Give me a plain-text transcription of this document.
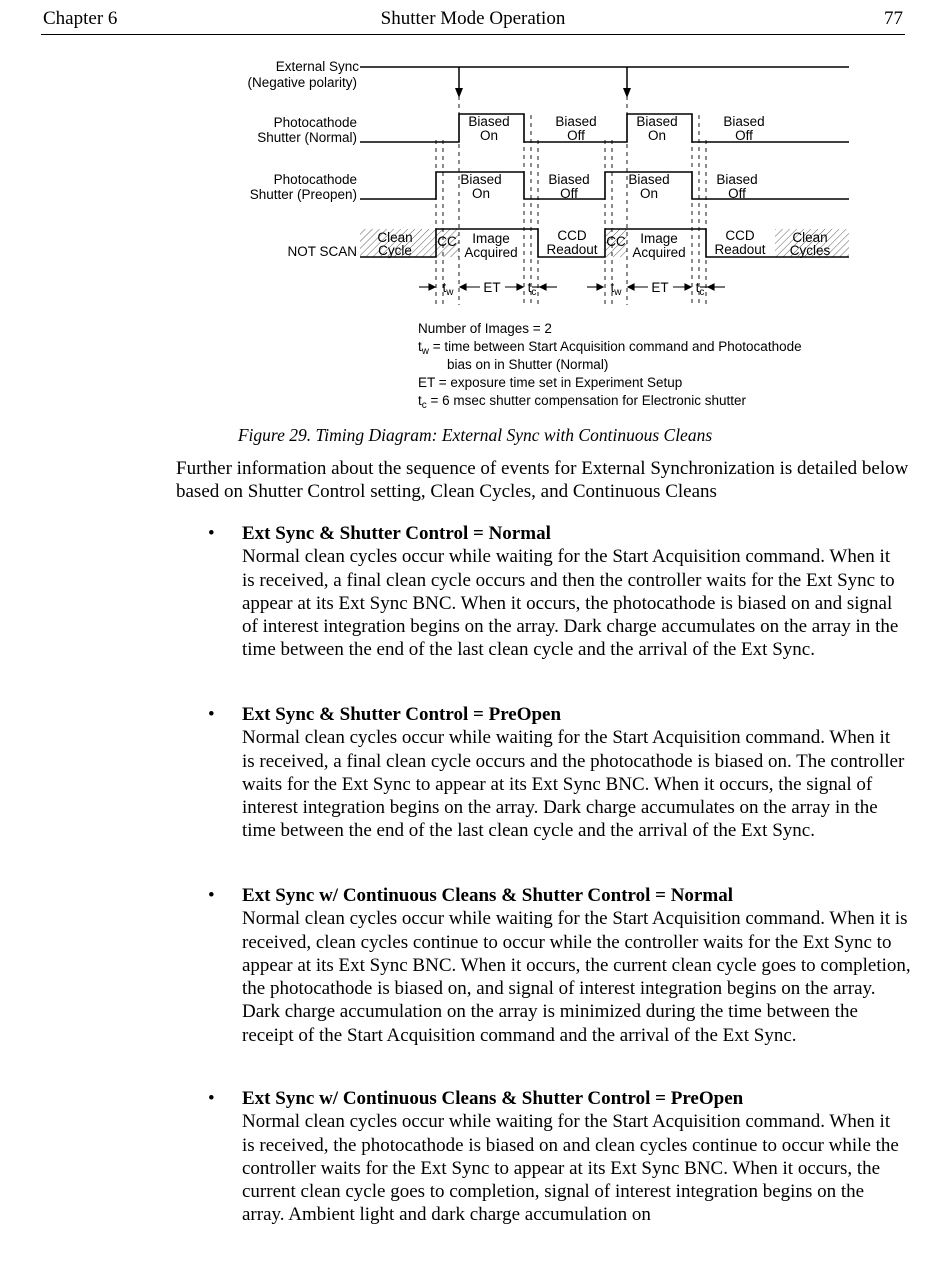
Chapter 6	Shutter Mode Operation	77
External Sync
(Negative polarity)
Photocathode
Shutter (Normal)
Biased
On
Biased
Off
Biased
On
Biased
Off
Photocathode
Shutter (Preopen)
Biased
On
Biased
Off
Biased
On
Biased
Off
NOT SCAN
Clean
Cycle
CC Image
Acquired
CCD
Readout
CC Image
Acquired
CCD
Readout
Clean
Cycles
$t_w$ ET $t_c$	$t_w$ ET $t_c$
Number of Images = 2
$t_w$ = time between Start Acquisition command and Photocathode
bias on in Shutter (Normal)
ET = exposure time set in Experiment Setup
$t_c = 6$ msec shutter compensation for Electronic shutter
Figure 29. Timing Diagram: External Sync with Continuous Cleans
Further information about the sequence of events for External Synchronization is detailed below based on Shutter Control setting, Clean Cycles, and Continuous Cleans
• Ext Sync & Shutter Control = Normal
Normal clean cycles occur while waiting for the Start Acquisition command. When it is received, a final clean cycle occurs and then the controller waits for the Ext Sync to appear at its Ext Sync BNC. When it occurs, the photocathode is biased on and signal of interest integration begins on the array. Dark charge accumulates on the array in the time between the end of the last clean cycle and the arrival of the Ext Sync.
• Ext Sync & Shutter Control = PreOpen
Normal clean cycles occur while waiting for the Start Acquisition command. When it is received, a final clean cycle occurs and the photocathode is biased on. The controller waits for the Ext Sync to appear at its Ext Sync BNC. When it occurs, the signal of interest integration begins on the array. Dark charge accumulates on the array in the time between the end of the last clean cycle and the arrival of the Ext Sync.
• Ext Sync w/ Continuous Cleans & Shutter Control = Normal
Normal clean cycles occur while waiting for the Start Acquisition command. When it is received, clean cycles continue to occur while the controller waits for the Ext Sync to appear at its Ext Sync BNC. When it occurs, the current clean cycle goes to completion, the photocathode is biased on, and signal of interest integration begins on the array. Dark charge accumulation on the array is minimized during the time between the receipt of the Start Acquisition command and the arrival of the Ext Sync.
• Ext Sync w/ Continuous Cleans & Shutter Control = PreOpen
Normal clean cycles occur while waiting for the Start Acquisition command. When it is received, the photocathode is biased on and clean cycles continue to occur while the controller waits for the Ext Sync to appear at its Ext Sync BNC. When it occurs, the current clean cycle goes to completion, signal of interest integration begins on the array. Ambient light and dark charge accumulation on
